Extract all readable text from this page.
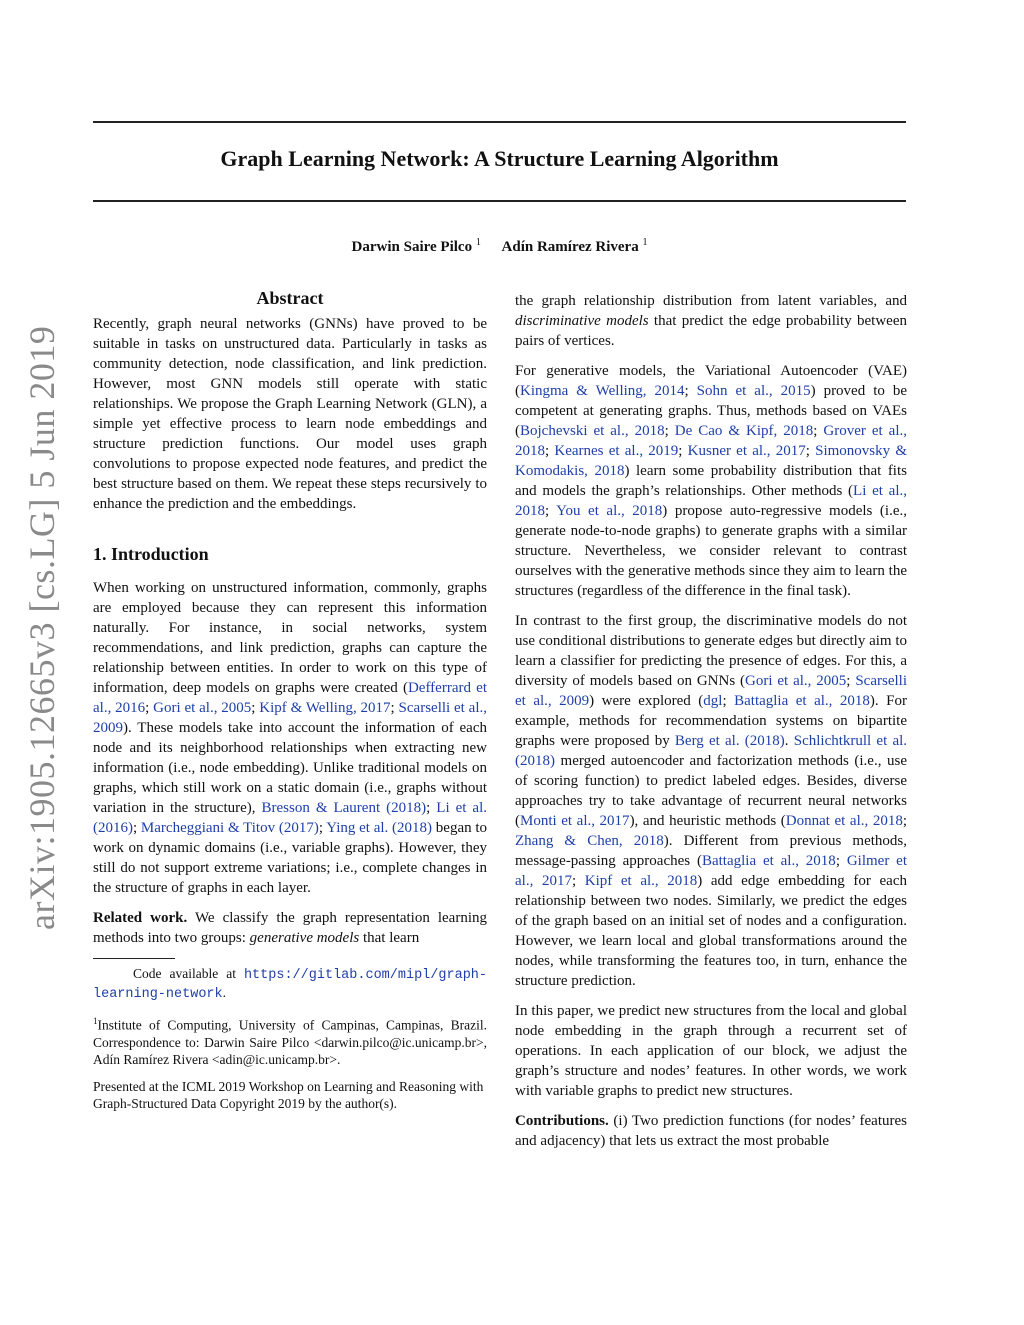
arXiv:1905.12665v3 [cs.LG] 5 Jun 2019
Graph Learning Network: A Structure Learning Algorithm
Darwin Saire Pilco $^1$ Adín Ramírez Rivera $^1$
Abstract

Recently, graph neural networks (GNNs) have proved to be suitable in tasks on unstructured data. Particularly in tasks as community detection, node classification, and link prediction. However, most GNN models still operate with static relationships. We propose the Graph Learning Network (GLN), a simple yet effective process to learn node embeddings and structure prediction functions. Our model uses graph convolutions to propose expected node features, and predict the best structure based on them. We repeat these steps recursively to enhance the prediction and the embeddings.

1. Introduction

When working on unstructured information, commonly, graphs are employed because they can represent this information naturally. For instance, in social networks, system recommendations, and link prediction, graphs can capture the relationship between entities. In order to work on this type of information, deep models on graphs were created (Defferrard et al., 2016; Gori et al., 2005; Kipf & Welling, 2017; Scarselli et al., 2009). These models take into account the information of each node and its neighborhood relationships when extracting new information (i.e., node embedding). Unlike traditional models on graphs, which still work on a static domain (i.e., graphs without variation in the structure), Bresson & Laurent (2018); Li et al. (2016); Marcheggiani & Titov (2017); Ying et al. (2018) began to work on dynamic domains (i.e., variable graphs). However, they still do not support extreme variations; i.e., complete changes in the structure of graphs in each layer.

Related work. We classify the graph representation learning methods into two groups: generative models that learn

Code available at https://gitlab.com/mipl/graph-learning-network.

$^1$Institute of Computing, University of Campinas, Campinas, Brazil. Correspondence to: Darwin Saire Pilco <darwin.pilco@ic.unicamp.br>, Adín Ramírez Rivera <adin@ic.unicamp.br>.

Presented at the ICML 2019 Workshop on Learning and Reasoning with Graph-Structured Data Copyright 2019 by the author(s).

the graph relationship distribution from latent variables, and discriminative models that predict the edge probability between pairs of vertices.

For generative models, the Variational Autoencoder (VAE) (Kingma & Welling, 2014; Sohn et al., 2015) proved to be competent at generating graphs. Thus, methods based on VAEs (Bojchevski et al., 2018; De Cao & Kipf, 2018; Grover et al., 2018; Kearnes et al., 2019; Kusner et al., 2017; Simonovsky & Komodakis, 2018) learn some probability distribution that fits and models the graph’s relationships. Other methods (Li et al., 2018; You et al., 2018) propose auto-regressive models (i.e., generate node-to-node graphs) to generate graphs with a similar structure. Nevertheless, we consider relevant to contrast ourselves with the generative methods since they aim to learn the structures (regardless of the difference in the final task).

In contrast to the first group, the discriminative models do not use conditional distributions to generate edges but directly aim to learn a classifier for predicting the presence of edges. For this, a diversity of models based on GNNs (Gori et al., 2005; Scarselli et al., 2009) were explored (dgl; Battaglia et al., 2018). For example, methods for recommendation systems on bipartite graphs were proposed by Berg et al. (2018). Schlichtkrull et al. (2018) merged autoencoder and factorization methods (i.e., use of scoring function) to predict labeled edges. Besides, diverse approaches try to take advantage of recurrent neural networks (Monti et al., 2017), and heuristic methods (Donnat et al., 2018; Zhang & Chen, 2018). Different from previous methods, message-passing approaches (Battaglia et al., 2018; Gilmer et al., 2017; Kipf et al., 2018) add edge embedding for each relationship between two nodes. Similarly, we predict the edges of the graph based on an initial set of nodes and a configuration. However, we learn local and global transformations around the nodes, while transforming the features too, in turn, enhance the structure prediction.

In this paper, we predict new structures from the local and global node embedding in the graph through a recurrent set of operations. In each application of our block, we adjust the graph’s structure and nodes’ features. In other words, we work with variable graphs to predict new structures.

Contributions. (i) Two prediction functions (for nodes’ features and adjacency) that lets us extract the most probable
